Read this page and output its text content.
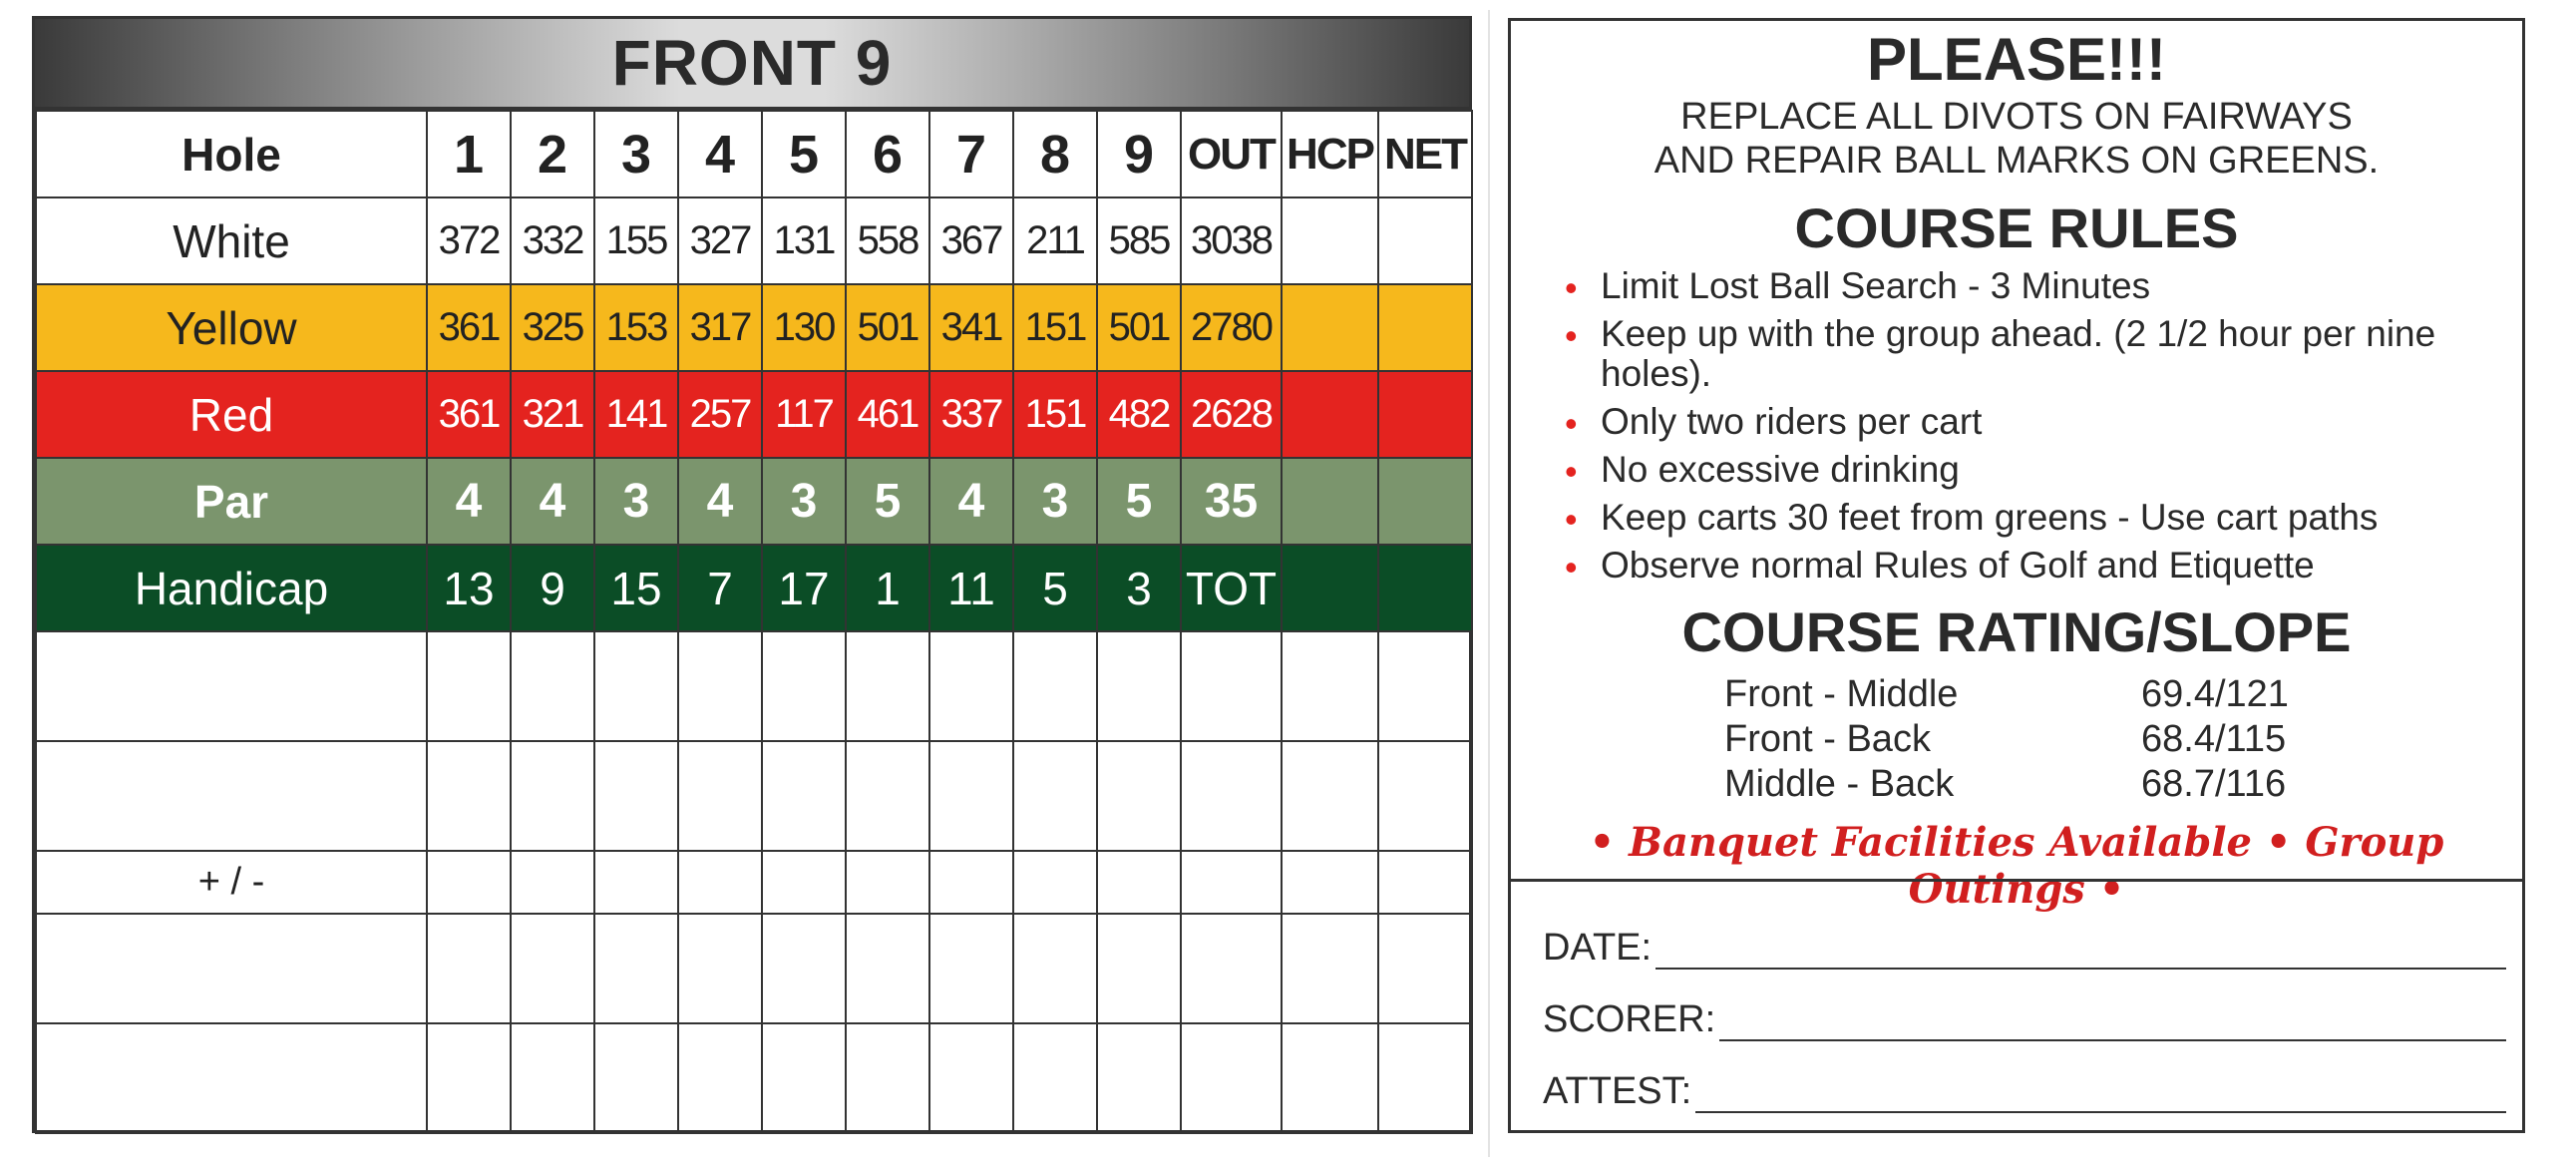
FRONT 9
Hole	1	2	3	4	5	6	7	8	9	OUT	HCP	NET
White	372	332	155	327	131	558	367	211	585	3038		
Yellow	361	325	153	317	130	501	341	151	501	2780		
Red	361	321	141	257	117	461	337	151	482	2628		
Par	4	4	3	4	3	5	4	3	5	35		
Handicap	13	9	15	7	17	1	11	5	3	TOT		

+ / -												

PLEASE!!!
REPLACE ALL DIVOTS ON FAIRWAYS
AND REPAIR BALL MARKS ON GREENS.
COURSE RULES
• Limit Lost Ball Search - 3 Minutes
• Keep up with the group ahead. (2 1/2 hour per nine holes).
• Only two riders per cart
• No excessive drinking
• Keep carts 30 feet from greens - Use cart paths
• Observe normal Rules of Golf and Etiquette
COURSE RATING/SLOPE
Front - Middle	69.4/121
Front - Back	68.4/115
Middle - Back	68.7/116
• Banquet Facilities Available • Group Outings •
DATE:
SCORER:
ATTEST:
